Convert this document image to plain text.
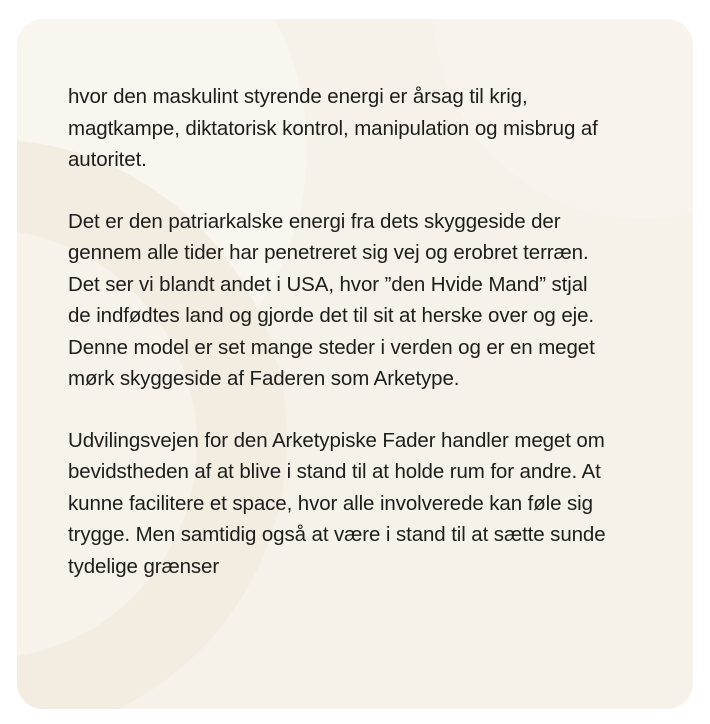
hvor den maskulint styrende energi er årsag til krig, magtkampe, diktatorisk kontrol, manipulation og misbrug af autoritet.

Det er den patriarkalske energi fra dets skyggeside der gennem alle tider har penetreret sig vej og erobret terræn. Det ser vi blandt andet i USA, hvor ”den Hvide Mand” stjal de indfødtes land og gjorde det til sit at herske over og eje. Denne model er set mange steder i verden og er en meget mørk skyggeside af Faderen som Arketype.

Udvilingsvejen for den Arketypiske Fader handler meget om bevidstheden af at blive i stand til at holde rum for andre. At kunne facilitere et space, hvor alle involverede kan føle sig trygge. Men samtidig også at være i stand til at sætte sunde tydelige grænser
